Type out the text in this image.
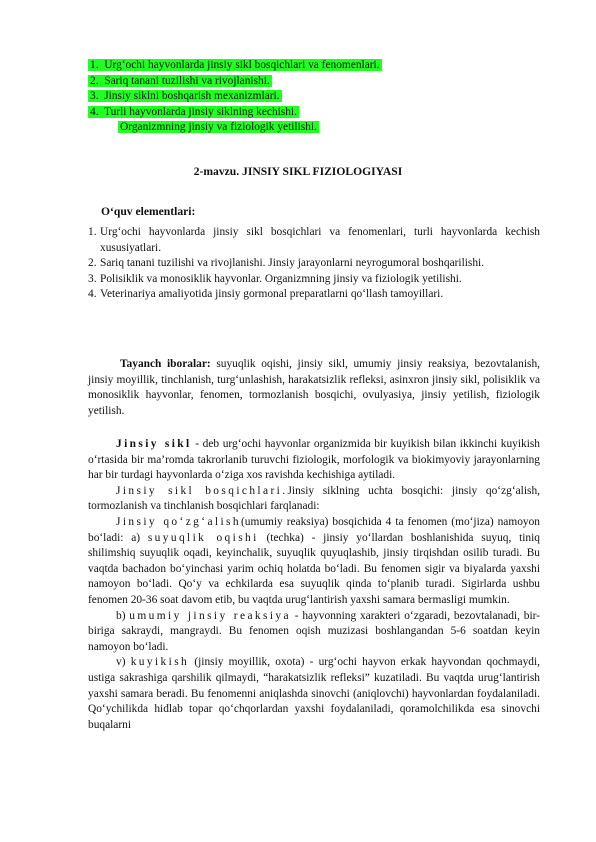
1. Urg‘ochi hayvonlarda jinsiy sikl bosqichlari va fenomenlari.
2. Sariq tanani tuzilishi va rivojlanishi.
3. Jinsiy siklni boshqarish mexanizmlari.
4. Turli hayvonlarda jinsiy siklning kechishi.
Organizmning jinsiy va fiziologik yetilishi.
2-mavzu. JINSIY SIKL FIZIOLOGIYASI
O‘quv elementlari:
1. Urg‘ochi hayvonlarda jinsiy sikl bosqichlari va fenomenlari, turli hayvonlarda kechish xususiyatlari.
2. Sariq tanani tuzilishi va rivojlanishi. Jinsiy jarayonlarni neyrogumoral boshqarilishi.
3. Polisiklik va monosiklik hayvonlar. Organizmning jinsiy va fiziologik yetilishi.
4. Veterinariya amaliyotida jinsiy gormonal preparatlarni qo‘llash tamoyillari.

Tayanch iboralar: suyuqlik oqishi, jinsiy sikl, umumiy jinsiy reaksiya, bezovtalanish, jinsiy moyillik, tinchlanish, turg‘unlashish, harakatsizlik refleksi, asinxron jinsiy sikl, polisiklik va monosiklik hayvonlar, fenomen, tormozlanish bosqichi, ovulyasiya, jinsiy yetilish, fiziologik yetilish.

Jinsiy sikl - deb urg‘ochi hayvonlar organizmida bir kuyikish bilan ikkinchi kuyikish o‘rtasida bir ma’romda takrorlanib turuvchi fiziologik, morfologik va biokimyoviy jarayonlarning har bir turdagi hayvonlarda o‘ziga xos ravishda kechishiga aytiladi.

Jinsiy sikl bosqichlari.Jinsiy siklning uchta bosqichi: jinsiy qo‘zg‘alish, tormozlanish va tinchlanish bosqichlari farqlanadi:

Jinsiy qo‘zg‘alish(umumiy reaksiya) bosqichida 4 ta fenomen (mo‘jiza) namoyon bo‘ladi: a) suyuqlik oqishi (techka) - jinsiy yo‘llardan boshlanishida suyuq, tiniq shilimshiq suyuqlik oqadi, keyinchalik, suyuqlik quyuqlashib, jinsiy tirqishdan osilib turadi. Bu vaqtda bachadon bo‘yinchasi yarim ochiq holatda bo‘ladi. Bu fenomen sigir va biyalarda yaxshi namoyon bo‘ladi. Qo‘y va echkilarda esa suyuqlik qinda to‘planib turadi. Sigirlarda ushbu fenomen 20-36 soat davom etib, bu vaqtda urug‘lantirish yaxshi samara bermasligi mumkin.

b) umumiy jinsiy reaksiya - hayvonning xarakteri o‘zgaradi, bezovtalanadi, bir-biriga sakraydi, mangraydi. Bu fenomen oqish muzizasi boshlangandan 5-6 soatdan keyin namoyon bo‘ladi.

v) kuyikish (jinsiy moyillik, oxota) - urg‘ochi hayvon erkak hayvondan qochmaydi, ustiga sakrashiga qarshilik qilmaydi, “harakatsizlik refleksi” kuzatiladi. Bu vaqtda urug‘lantirish yaxshi samara beradi. Bu fenomenni aniqlashda sinovchi (aniqlovchi) hayvonlardan foydalaniladi. Qo‘ychilikda hidlab topar qo‘chqorlardan yaxshi foydalaniladi, qoramolchilikda esa sinovchi buqalarni
